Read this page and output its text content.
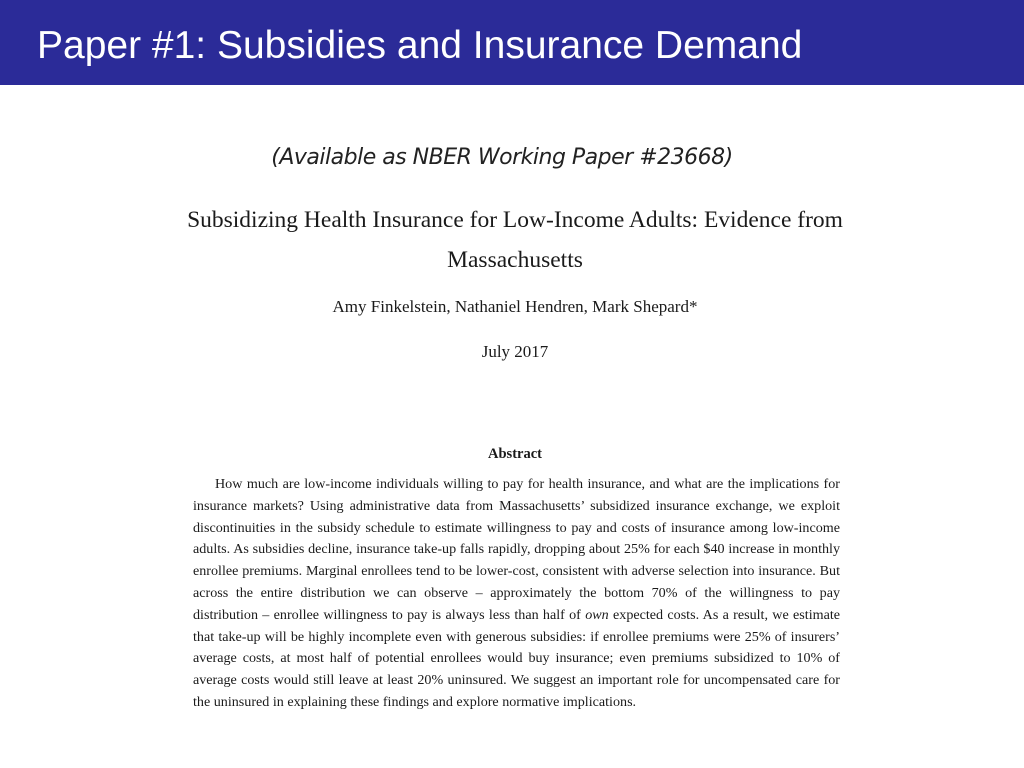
Paper #1: Subsidies and Insurance Demand
(Available as NBER Working Paper #23668)
Subsidizing Health Insurance for Low-Income Adults: Evidence from
Massachusetts
Amy Finkelstein, Nathaniel Hendren, Mark Shepard*
July 2017
Abstract

How much are low-income individuals willing to pay for health insurance, and what are the implications for insurance markets? Using administrative data from Massachusetts’ subsidized insurance exchange, we exploit discontinuities in the subsidy schedule to estimate willingness to pay and costs of insurance among low-income adults. As subsidies decline, insurance take-up falls rapidly, dropping about 25% for each $40 increase in monthly enrollee premiums. Marginal enrollees tend to be lower-cost, consistent with adverse selection into insurance. But across the entire distribution we can observe – approximately the bottom 70% of the willingness to pay distribution – enrollee willingness to pay is always less than half of own expected costs. As a result, we estimate that take-up will be highly incomplete even with generous subsidies: if enrollee premiums were 25% of insurers’ average costs, at most half of potential enrollees would buy insurance; even premiums subsidized to 10% of average costs would still leave at least 20% uninsured. We suggest an important role for uncompensated care for the uninsured in explaining these findings and explore normative implications.
